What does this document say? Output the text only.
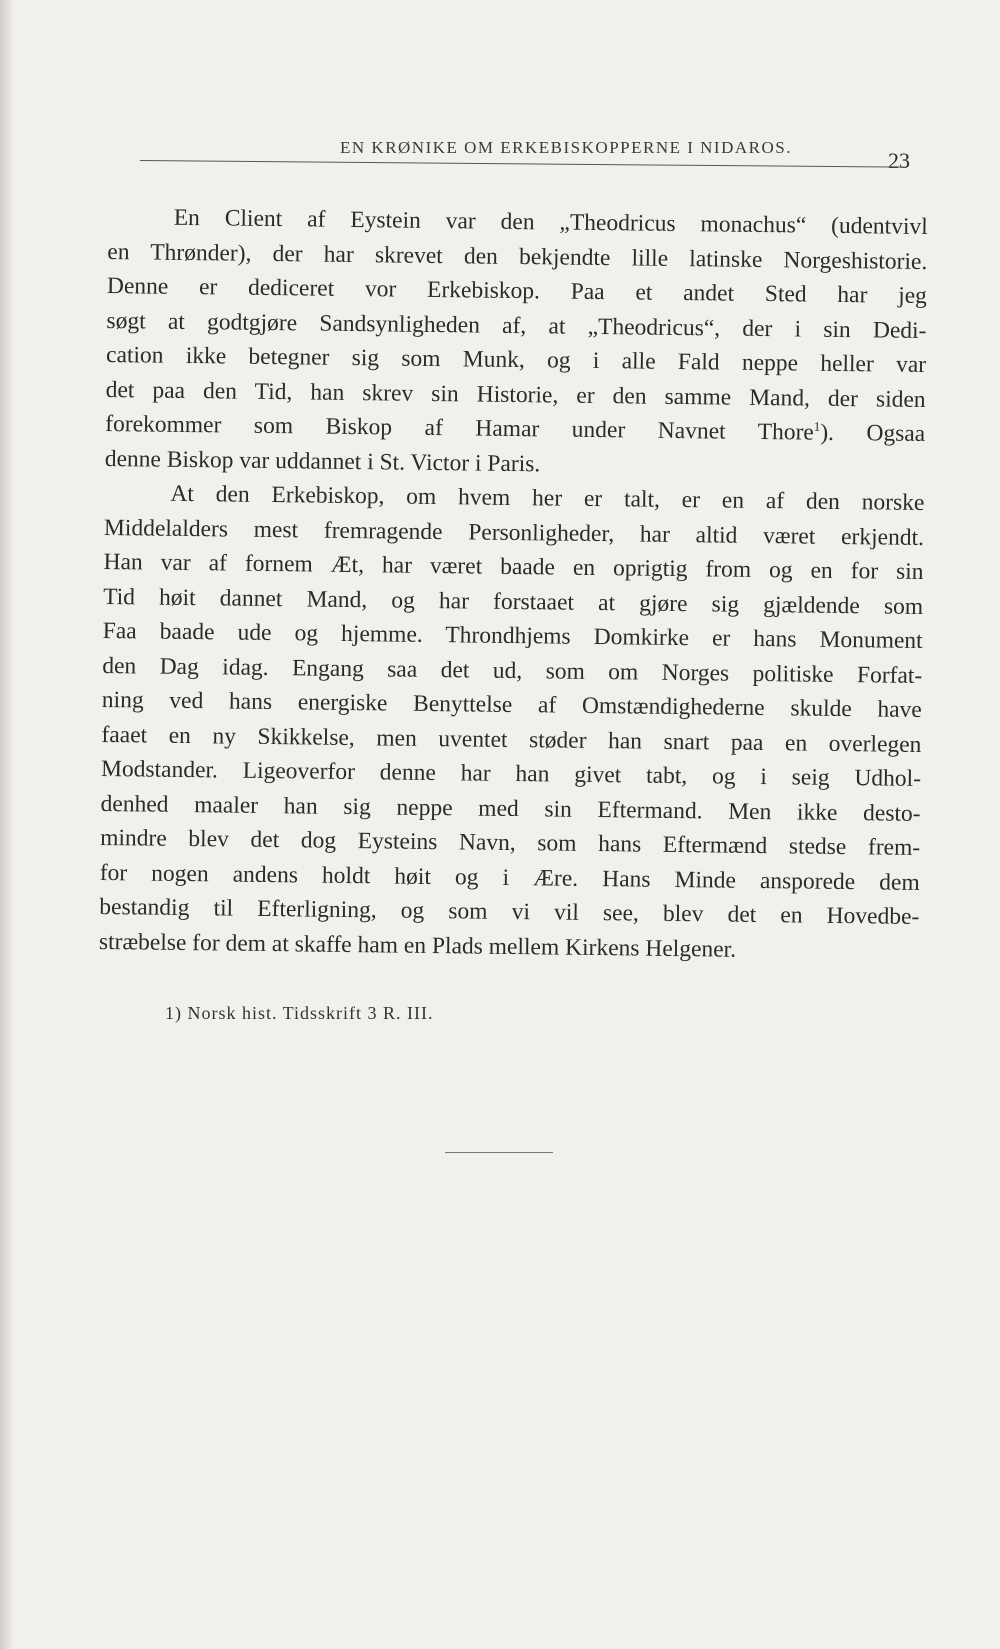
EN KRØNIKE OM ERKEBISKOPPERNE I NIDAROS.
23

En Client af Eystein var den „Theodricus monachus“ (udentvivl
en Thrønder), der har skrevet den bekjendte lille latinske Norgeshistorie.
Denne er dediceret vor Erkebiskop. Paa et andet Sted har jeg
søgt at godtgjøre Sandsynligheden af, at „Theodricus“, der i sin Dedi-
cation ikke betegner sig som Munk, og i alle Fald neppe heller var
det paa den Tid, han skrev sin Historie, er den samme Mand, der siden
forekommer som Biskop af Hamar under Navnet Thore$^1$). Ogsaa
denne Biskop var uddannet i St. Victor i Paris.

At den Erkebiskop, om hvem her er talt, er en af den norske
Middelalders mest fremragende Personligheder, har altid været erkjendt.
Han var af fornem Æt, har været baade en oprigtig from og en for sin
Tid høit dannet Mand, og har forstaaet at gjøre sig gjældende som
Faa baade ude og hjemme. Throndhjems Domkirke er hans Monument
den Dag idag. Engang saa det ud, som om Norges politiske Forfat-
ning ved hans energiske Benyttelse af Omstændighederne skulde have
faaet en ny Skikkelse, men uventet støder han snart paa en overlegen
Modstander. Ligeoverfor denne har han givet tabt, og i seig Udhol-
denhed maaler han sig neppe med sin Eftermand. Men ikke desto-
mindre blev det dog Eysteins Navn, som hans Eftermænd stedse frem-
for nogen andens holdt høit og i Ære. Hans Minde ansporede dem
bestandig til Efterligning, og som vi vil see, blev det en Hovedbe-
stræbelse for dem at skaffe ham en Plads mellem Kirkens Helgener.

1) Norsk hist. Tidsskrift 3 R. III.
